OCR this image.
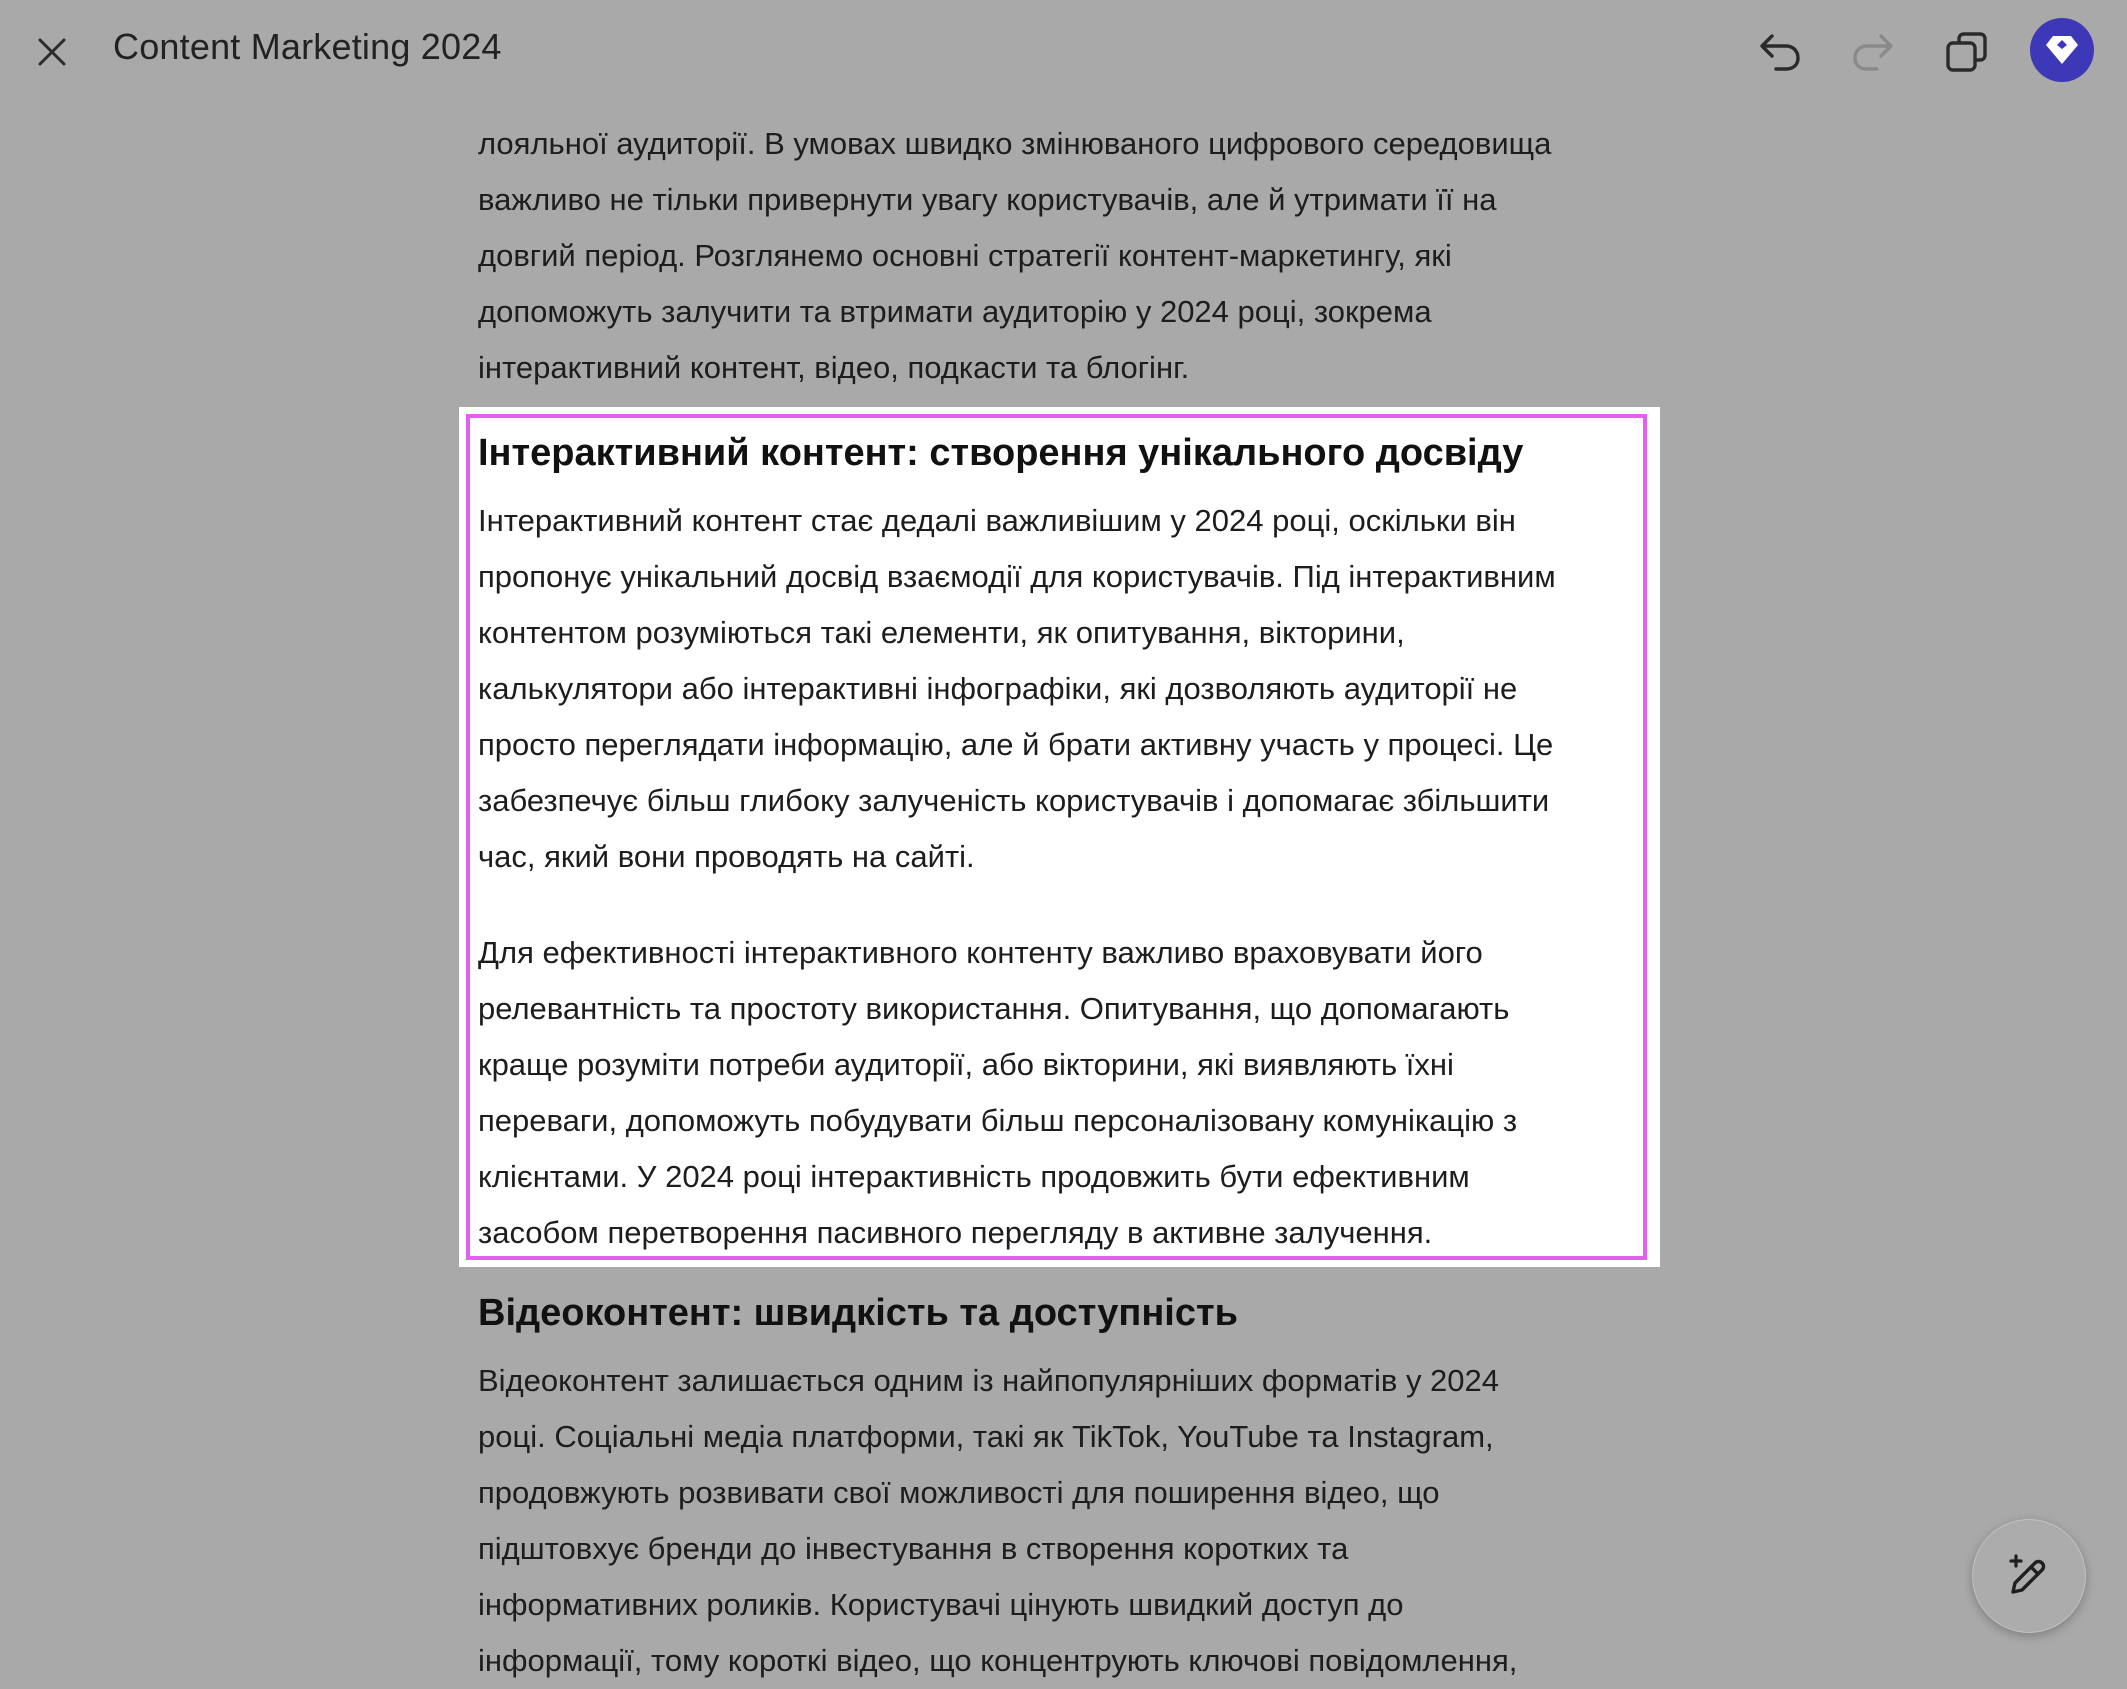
Content Marketing 2024

лояльної аудиторії. В умовах швидко змінюваного цифрового середовища
важливо не тільки привернути увагу користувачів, але й утримати її на
довгий період. Розглянемо основні стратегії контент-маркетингу, які
допоможуть залучити та втримати аудиторію у 2024 році, зокрема
інтерактивний контент, відео, подкасти та блогінг.

Інтерактивний контент: створення унікального досвіду

Інтерактивний контент стає дедалі важливішим у 2024 році, оскільки він
пропонує унікальний досвід взаємодії для користувачів. Під інтерактивним
контентом розуміються такі елементи, як опитування, вікторини,
калькулятори або інтерактивні інфографіки, які дозволяють аудиторії не
просто переглядати інформацію, але й брати активну участь у процесі. Це
забезпечує більш глибоку залученість користувачів і допомагає збільшити
час, який вони проводять на сайті.

Для ефективності інтерактивного контенту важливо враховувати його
релевантність та простоту використання. Опитування, що допомагають
краще розуміти потреби аудиторії, або вікторини, які виявляють їхні
переваги, допоможуть побудувати більш персоналізовану комунікацію з
клієнтами. У 2024 році інтерактивність продовжить бути ефективним
засобом перетворення пасивного перегляду в активне залучення.

Відеоконтент: швидкість та доступність

Відеоконтент залишається одним із найпопулярніших форматів у 2024
році. Соціальні медіа платформи, такі як TikTok, YouTube та Instagram,
продовжують розвивати свої можливості для поширення відео, що
підштовхує бренди до інвестування в створення коротких та
інформативних роликів. Користувачі цінують швидкий доступ до
інформації, тому короткі відео, що концентрують ключові повідомлення,
